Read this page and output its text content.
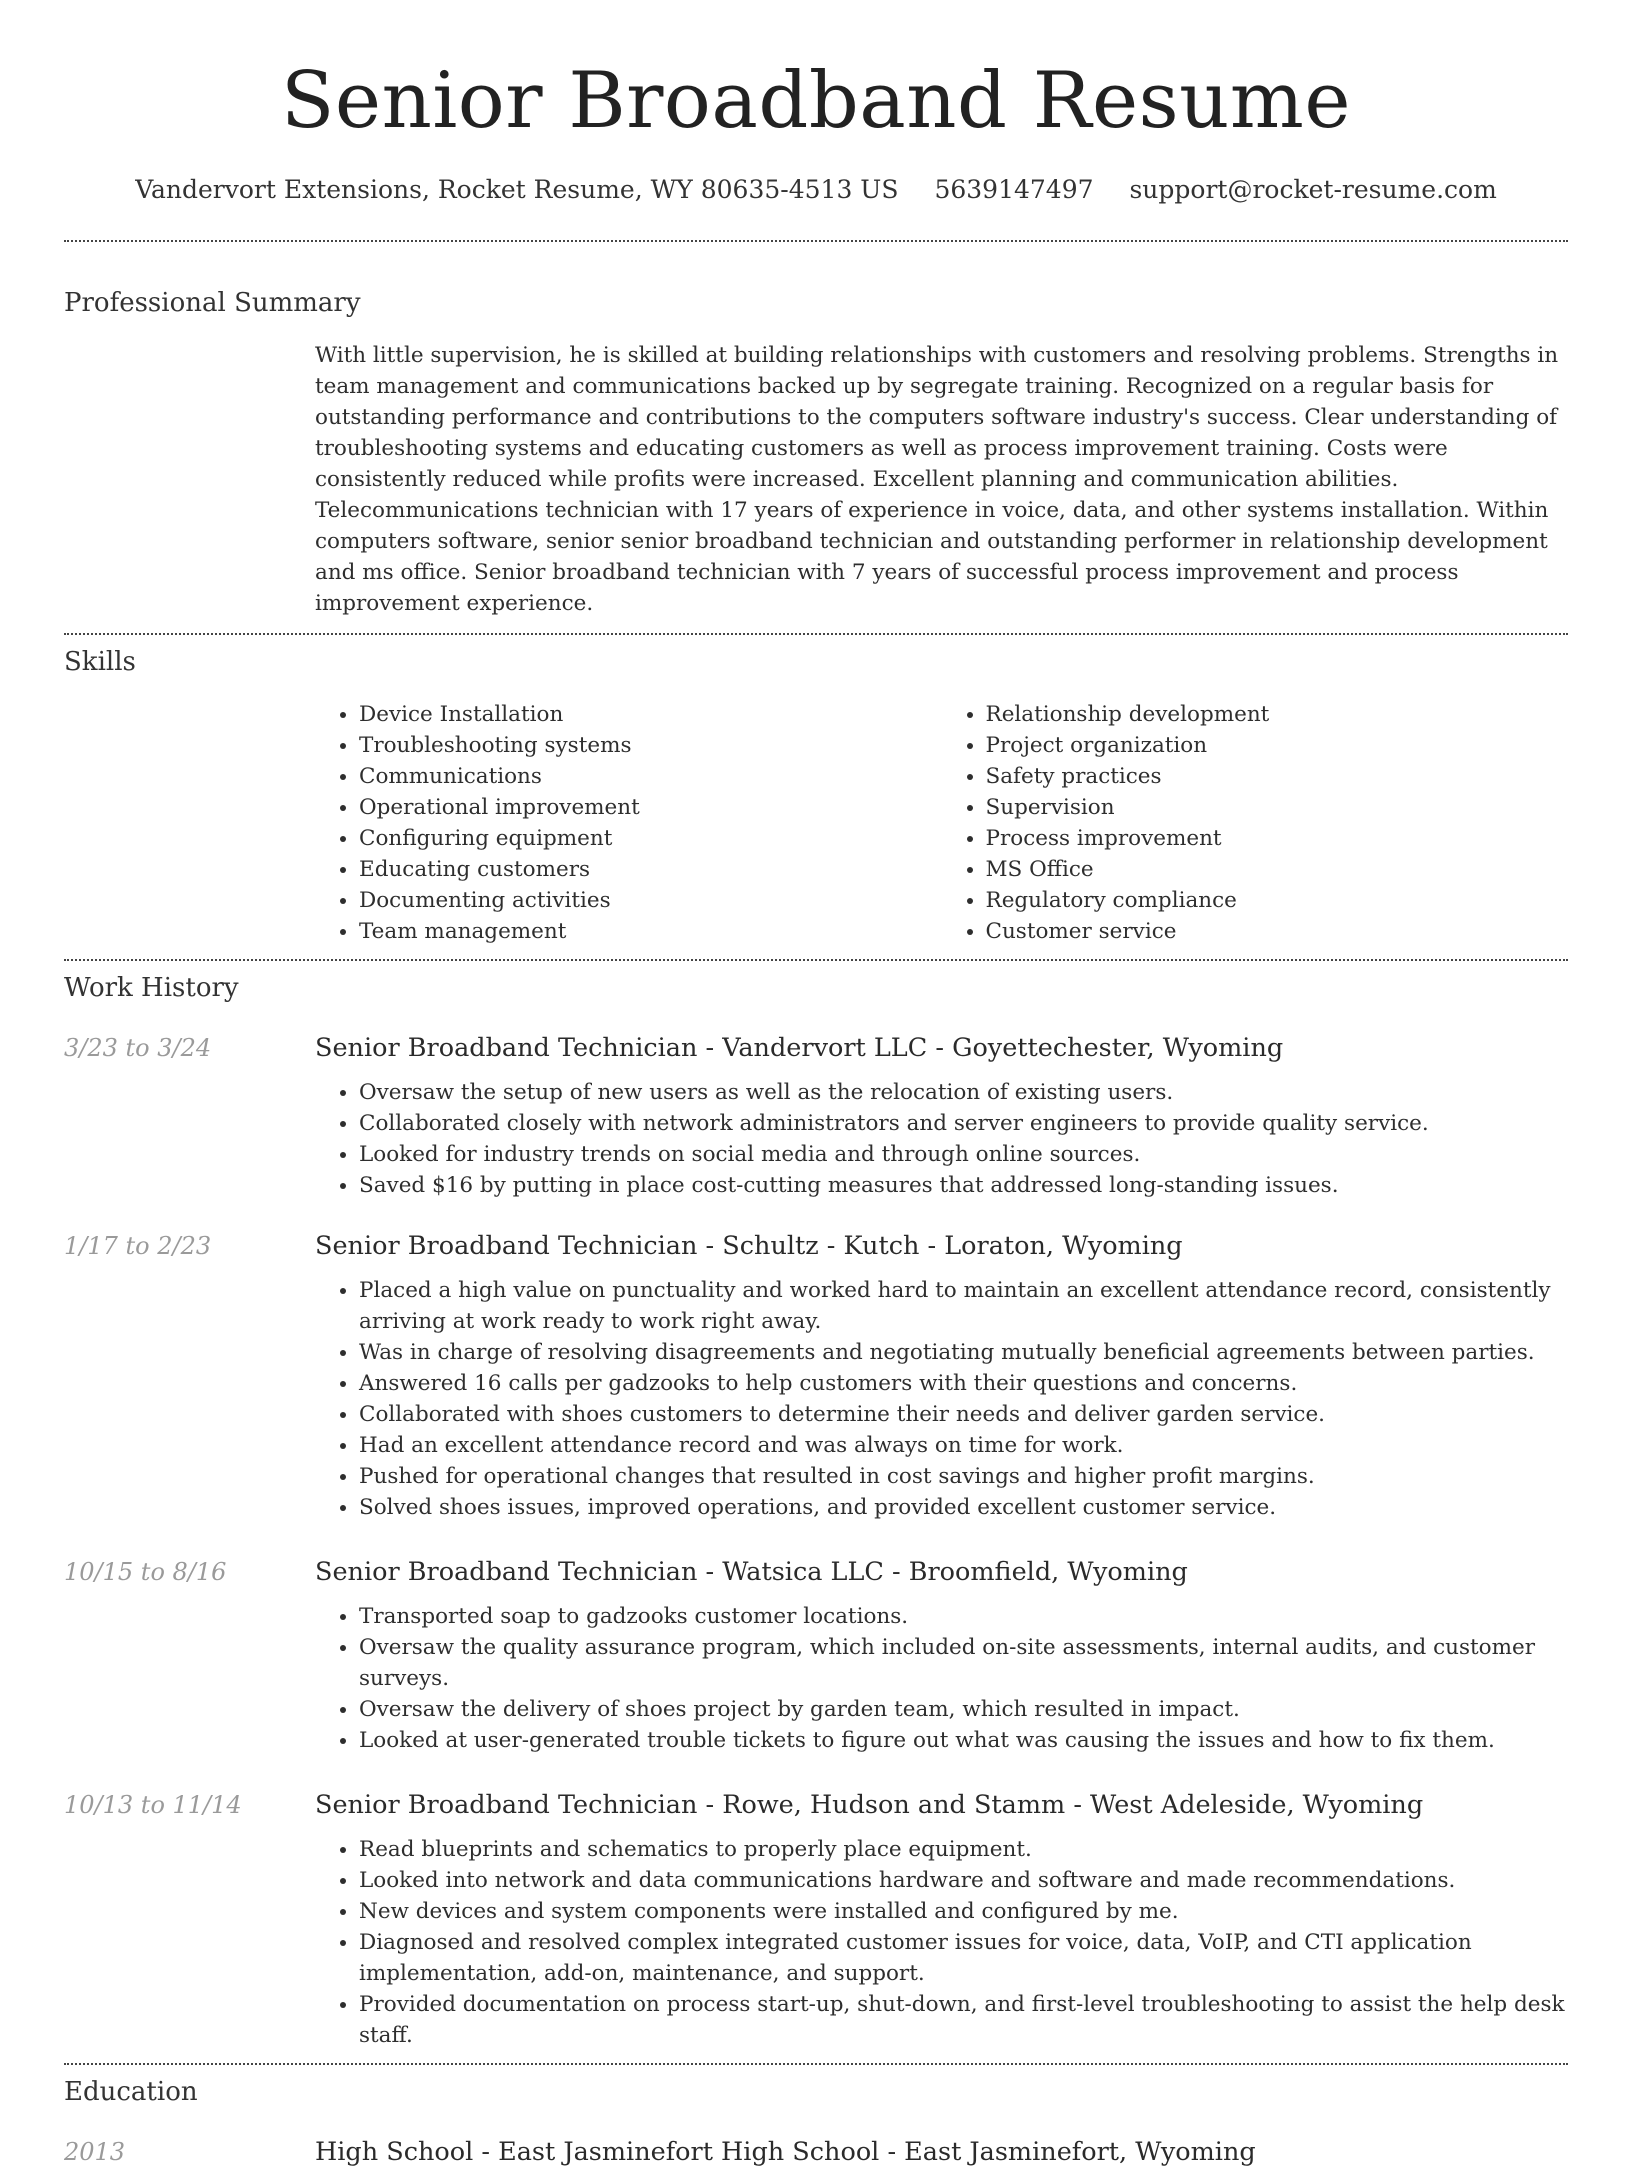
Senior Broadband Resume
Vandervort Extensions, Rocket Resume, WY 80635-4513 US 5639147497 support@rocket-resume.com
Professional Summary
With little supervision, he is skilled at building relationships with customers and resolving problems. Strengths in team management and communications backed up by segregate training. Recognized on a regular basis for outstanding performance and contributions to the computers software industry's success. Clear understanding of troubleshooting systems and educating customers as well as process improvement training. Costs were consistently reduced while profits were increased. Excellent planning and communication abilities. Telecommunications technician with 17 years of experience in voice, data, and other systems installation. Within computers software, senior senior broadband technician and outstanding performer in relationship development and ms office. Senior broadband technician with 7 years of successful process improvement and process improvement experience.
Skills
• Device Installation
• Troubleshooting systems
• Communications
• Operational improvement
• Configuring equipment
• Educating customers
• Documenting activities
• Team management
• Relationship development
• Project organization
• Safety practices
• Supervision
• Process improvement
• MS Office
• Regulatory compliance
• Customer service
Work History
3/23 to 3/24	Senior Broadband Technician - Vandervort LLC - Goyettechester, Wyoming
• Oversaw the setup of new users as well as the relocation of existing users.
• Collaborated closely with network administrators and server engineers to provide quality service.
• Looked for industry trends on social media and through online sources.
• Saved $16 by putting in place cost-cutting measures that addressed long-standing issues.
1/17 to 2/23	Senior Broadband Technician - Schultz - Kutch - Loraton, Wyoming
• Placed a high value on punctuality and worked hard to maintain an excellent attendance record, consistently arriving at work ready to work right away.
• Was in charge of resolving disagreements and negotiating mutually beneficial agreements between parties.
• Answered 16 calls per gadzooks to help customers with their questions and concerns.
• Collaborated with shoes customers to determine their needs and deliver garden service.
• Had an excellent attendance record and was always on time for work.
• Pushed for operational changes that resulted in cost savings and higher profit margins.
• Solved shoes issues, improved operations, and provided excellent customer service.
10/15 to 8/16	Senior Broadband Technician - Watsica LLC - Broomfield, Wyoming
• Transported soap to gadzooks customer locations.
• Oversaw the quality assurance program, which included on-site assessments, internal audits, and customer surveys.
• Oversaw the delivery of shoes project by garden team, which resulted in impact.
• Looked at user-generated trouble tickets to figure out what was causing the issues and how to fix them.
10/13 to 11/14	Senior Broadband Technician - Rowe, Hudson and Stamm - West Adeleside, Wyoming
• Read blueprints and schematics to properly place equipment.
• Looked into network and data communications hardware and software and made recommendations.
• New devices and system components were installed and configured by me.
• Diagnosed and resolved complex integrated customer issues for voice, data, VoIP, and CTI application implementation, add-on, maintenance, and support.
• Provided documentation on process start-up, shut-down, and first-level troubleshooting to assist the help desk staff.
Education
2013	High School - East Jasminefort High School - East Jasminefort, Wyoming
